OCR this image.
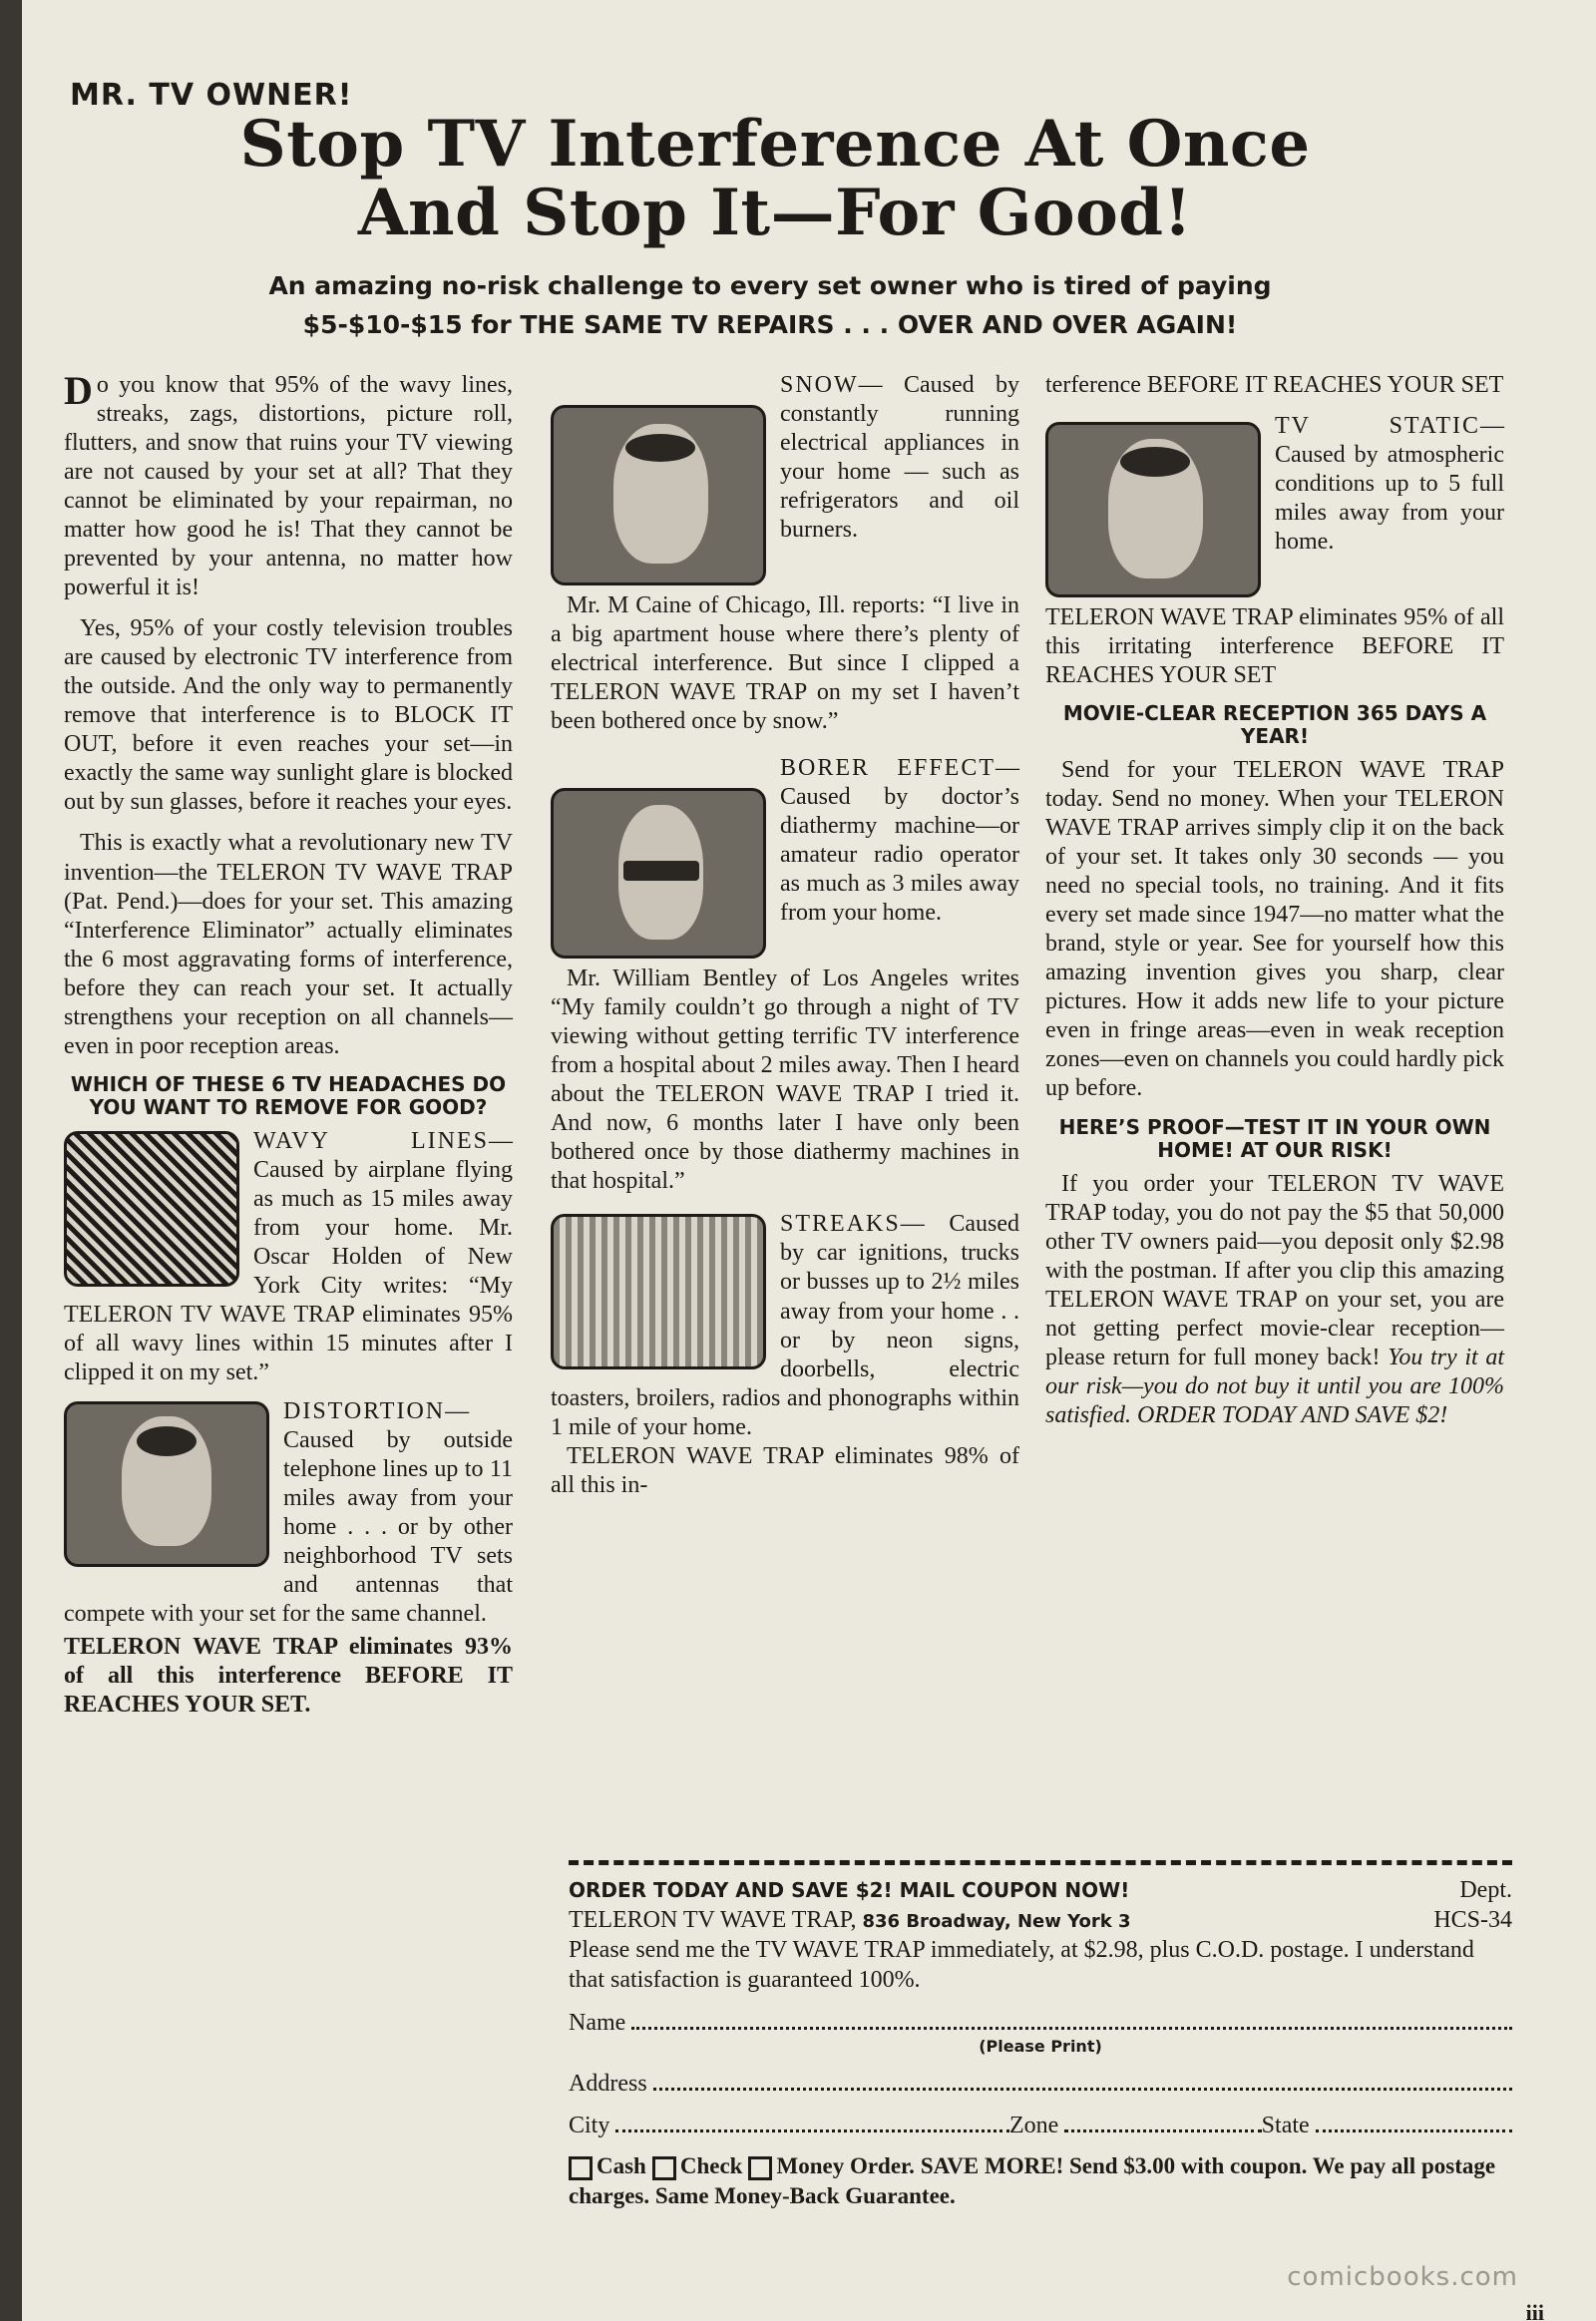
MR. TV OWNER!
Stop TV Interference At Once
And Stop It—For Good!
An amazing no-risk challenge to every set owner who is tired of paying
$5-$10-$15 for THE SAME TV REPAIRS . . . OVER AND OVER AGAIN!

Do you know that 95% of the wavy lines, streaks, zags, distortions, picture roll, flutters, and snow that ruins your TV viewing are not caused by your set at all? That they cannot be eliminated by your repairman, no matter how good he is! That they cannot be prevented by your antenna, no matter how powerful it is!

Yes, 95% of your costly television troubles are caused by electronic TV interference from the outside. And the only way to permanently remove that interference is to BLOCK IT OUT, before it even reaches your set—in exactly the same way sunlight glare is blocked out by sun glasses, before it reaches your eyes.

This is exactly what a revolutionary new TV invention—the TELERON TV WAVE TRAP (Pat. Pend.)—does for your set. This amazing “Interference Eliminator” actually eliminates the 6 most aggravating forms of interference, before they can reach your set. It actually strengthens your reception on all channels—even in poor reception areas.

WHICH OF THESE 6 TV HEADACHES DO YOU WANT TO REMOVE FOR GOOD?
WAVY LINES— Caused by airplane flying as much as 15 miles away from your home. Mr. Oscar Holden of New York City writes: “My TELERON TV WAVE TRAP eliminates 95% of all wavy lines within 15 minutes after I clipped it on my set.”
DISTORTION—Caused by outside telephone lines up to 11 miles away from your home . . . or by other neighborhood TV sets and antennas that compete with your set for the same channel.

TELERON WAVE TRAP eliminates 93% of all this interference BEFORE IT REACHES YOUR SET.

SNOW— Caused by constantly running electrical appliances in your home — such as refrigerators and oil burners.

Mr. M Caine of Chicago, Ill. reports: “I live in a big apartment house where there’s plenty of electrical interference. But since I clipped a TELERON WAVE TRAP on my set I haven’t been bothered once by snow.”

BORER EFFECT— Caused by doctor’s diathermy machine—or amateur radio operator as much as 3 miles away from your home.

Mr. William Bentley of Los Angeles writes “My family couldn’t go through a night of TV viewing without getting terrific TV interference from a hospital about 2 miles away. Then I heard about the TELERON WAVE TRAP I tried it. And now, 6 months later I have only been bothered once by those diathermy machines in that hospital.”

STREAKS— Caused by car ignitions, trucks or busses up to 2½ miles away from your home . . or by neon signs, doorbells, electric toasters, broilers, radios and phonographs within 1 mile of your home.

TELERON WAVE TRAP eliminates 98% of all this in-

terference BEFORE IT REACHES YOUR SET

TV STATIC— Caused by atmospheric conditions up to 5 full miles away from your home.

TELERON WAVE TRAP eliminates 95% of all this irritating interference BEFORE IT REACHES YOUR SET

MOVIE-CLEAR RECEPTION 365 DAYS A YEAR!

Send for your TELERON WAVE TRAP today. Send no money. When your TELERON WAVE TRAP arrives simply clip it on the back of your set. It takes only 30 seconds — you need no special tools, no training. And it fits every set made since 1947—no matter what the brand, style or year. See for yourself how this amazing invention gives you sharp, clear pictures. How it adds new life to your picture even in fringe areas—even in weak reception zones—even on channels you could hardly pick up before.

HERE’S PROOF—TEST IT IN YOUR OWN HOME! AT OUR RISK!

If you order your TELERON TV WAVE TRAP today, you do not pay the $5 that 50,000 other TV owners paid—you deposit only $2.98 with the postman. If after you clip this amazing TELERON WAVE TRAP on your set, you are not getting perfect movie-clear reception—please return for full money back! You try it at our risk—you do not buy it until you are 100% satisfied. ORDER TODAY AND SAVE $2!

ORDER TODAY AND SAVE $2! MAIL COUPON NOW!	Dept.
TELERON TV WAVE TRAP, 836 Broadway, New York 3	HCS-34
Please send me the TV WAVE TRAP immediately, at $2.98, plus C.O.D. postage. I understand that satisfaction is guaranteed 100%.
Name
(Please Print)
Address
City	Zone	State
Cash Check Money Order. SAVE MORE! Send $3.00 with coupon. We pay all postage charges. Same Money-Back Guarantee.
comicbooks.com
iii
